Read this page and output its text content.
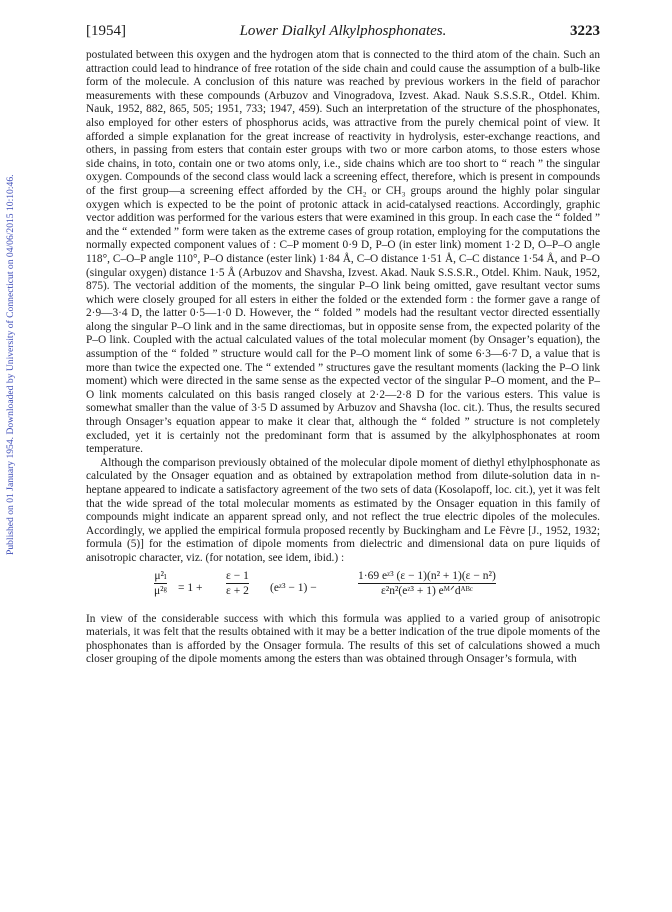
Published on 01 January 1954. Downloaded by University of Connecticut on 04/06/2015 10:10:46.
[1954]	Lower Dialkyl Alkylphosphonates.	3223

postulated between this oxygen and the hydrogen atom that is connected to the third atom of the chain. Such an attraction could lead to hindrance of free rotation of the side chain and could cause the assumption of a bulb-like form of the molecule. A conclusion of this nature was reached by previous workers in the field of parachor measurements with these compounds (Arbuzov and Vinogradova, Izvest. Akad. Nauk S.S.S.R., Otdel. Khim. Nauk, 1952, 882, 865, 505; 1951, 733; 1947, 459). Such an interpretation of the structure of the phosphonates, also employed for other esters of phosphorus acids, was attractive from the purely chemical point of view. It afforded a simple explanation for the great increase of reactivity in hydrolysis, ester-exchange reactions, and others, in passing from esters that contain ester groups with two or more carbon atoms, to those esters whose side chains, in toto, contain one or two atoms only, i.e., side chains which are too short to “ reach ” the singular oxygen. Compounds of the second class would lack a screening effect, therefore, which is present in compounds of the first group—a screening effect afforded by the CH₂ or CH₃ groups around the highly polar singular oxygen which is expected to be the point of protonic attack in acid-catalysed reactions. Accordingly, graphic vector addition was performed for the various esters that were examined in this group. In each case the “ folded ” and the “ extended ” form were taken as the extreme cases of group rotation, employing for the computations the normally expected component values of : C–P moment 0·9 D, P–O (in ester link) moment 1·2 D, O–P–O angle 118°, C–O–P angle 110°, P–O distance (ester link) 1·84 Å, C–O distance 1·51 Å, C–C distance 1·54 Å, and P–O (singular oxygen) distance 1·5 Å (Arbuzov and Shavsha, Izvest. Akad. Nauk S.S.S.R., Otdel. Khim. Nauk, 1952, 875). The vectorial addition of the moments, the singular P–O link being omitted, gave resultant vector sums which were closely grouped for all esters in either the folded or the extended form : the former gave a range of 2·9—3·4 D, the latter 0·5—1·0 D. However, the “ folded ” models had the resultant vector directed essentially along the singular P–O link and in the same directiomas, but in opposite sense from, the expected polarity of the P–O link. Coupled with the actual calculated values of the total molecular moment (by Onsager’s equation), the assumption of the “ folded ” structure would call for the P–O moment link of some 6·3—6·7 D, a value that is more than twice the expected one. The “ extended ” structures gave the resultant moments (lacking the P–O link moment) which were directed in the same sense as the expected vector of the singular P–O moment, and the P–O link moments calculated on this basis ranged closely at 2·2—2·8 D for the various esters. This value is somewhat smaller than the value of 3·5 D assumed by Arbuzov and Shavsha (loc. cit.). Thus, the results secured through Onsager’s equation appear to make it clear that, although the “ folded ” structure is not completely excluded, yet it is certainly not the predominant form that is assumed by the alkylphosphonates at room temperature.

Although the comparison previously obtained of the molecular dipole moment of diethyl ethylphosphonate as calculated by the Onsager equation and as obtained by extrapolation method from dilute-solution data in n-heptane appeared to indicate a satisfactory agreement of the two sets of data (Kosolapoff, loc. cit.), yet it was felt that the wide spread of the total molecular moments as estimated by the Onsager equation in this family of compounds might indicate an apparent spread only, and not reflect the true electric dipoles of the molecules. Accordingly, we applied the empirical formula proposed recently by Buckingham and Le Fèvre [J., 1952, 1932; formula (5)] for the estimation of dipole moments from dielectric and dimensional data on pure liquids of anisotropic character, viz. (for notation, see idem, ibid.) :

$\frac{\text{μ²ₗ}}{\text{μ²ᵍ}} = 1 + \frac{\varepsilon - 1}{\varepsilon + 2}$ (eᶻ³ − 1) −
1·69 eᶻ³ (ε − 1)(n² + 1)(ε − n²)
ε²n²(eᶻ³ + 1) eᴹᐟdᴬᴮᶜ

In view of the considerable success with which this formula was applied to a varied group of anisotropic materials, it was felt that the results obtained with it may be a better indication of the true dipole moments of the phosphonates than is afforded by the Onsager formula. The results of this set of calculations showed a much closer grouping of the dipole moments among the esters than was obtained through Onsager’s formula, with
